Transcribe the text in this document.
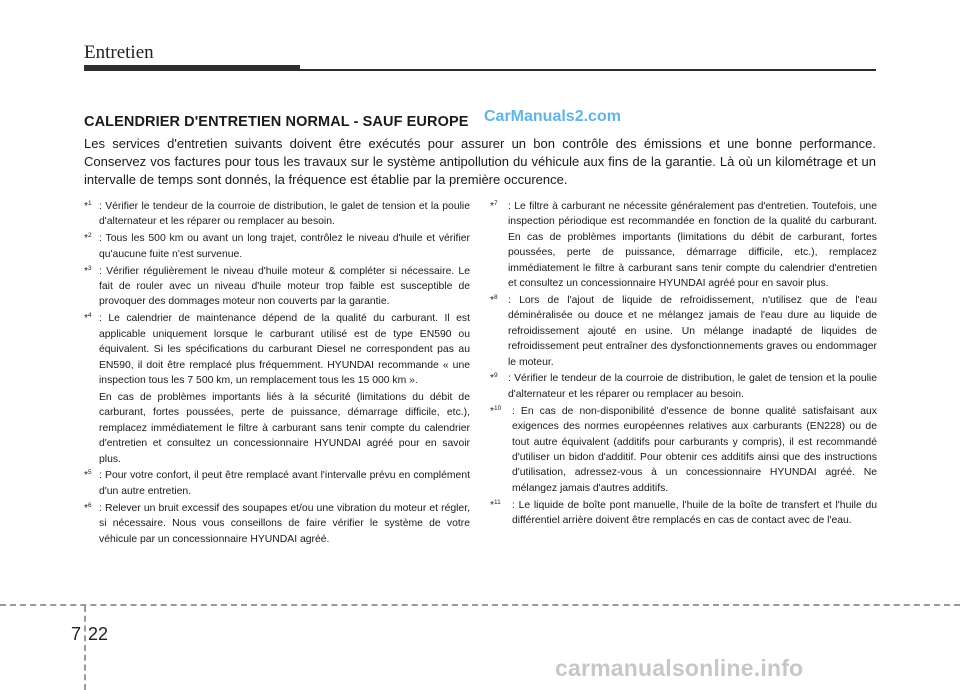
Entretien
CALENDRIER D'ENTRETIEN NORMAL - SAUF EUROPE CarManuals2.com

Les services d'entretien suivants doivent être exécutés pour assurer un bon contrôle des émissions et une bonne performance. Conservez vos factures pour tous les travaux sur le système antipollution du véhicule aux fins de la garantie. Là où un kilométrage et un intervalle de temps sont donnés, la fréquence est établie par la première occurence.

*$^1$ : Vérifier le tendeur de la courroie de distribution, le galet de tension et la poulie d'alternateur et les réparer ou remplacer au besoin.

*$^2$ : Tous les 500 km ou avant un long trajet, contrôlez le niveau d'huile et vérifier qu'aucune fuite n'est survenue.

*$^3$ : Vérifier régulièrement le niveau d'huile moteur & compléter si nécessaire. Le fait de rouler avec un niveau d'huile moteur trop faible est susceptible de provoquer des dommages moteur non couverts par la garantie.

*$^4$ : Le calendrier de maintenance dépend de la qualité du carburant. Il est applicable uniquement lorsque le carburant utilisé est de type EN590 ou équivalent. Si les spécifications du carburant Diesel ne correspondent pas au EN590, il doit être remplacé plus fréquemment. HYUNDAI recommande « une inspection tous les 7 500 km, un remplacement tous les 15 000 km ».

En cas de problèmes importants liés à la sécurité (limitations du débit de carburant, fortes poussées, perte de puissance, démarrage difficile, etc.), remplacez immédiatement le filtre à carburant sans tenir compte du calendrier d'entretien et consultez un concessionnaire HYUNDAI agréé pour en savoir plus.

*$^5$ : Pour votre confort, il peut être remplacé avant l'intervalle prévu en complément d'un autre entretien.

*$^6$ : Relever un bruit excessif des soupapes et/ou une vibration du moteur et régler, si nécessaire. Nous vous conseillons de faire vérifier le système de votre véhicule par un concessionnaire HYUNDAI agréé.

*$^7$ : Le filtre à carburant ne nécessite généralement pas d'entretien. Toutefois, une inspection périodique est recommandée en fonction de la qualité du carburant. En cas de problèmes importants (limitations du débit de carburant, fortes poussées, perte de puissance, démarrage difficile, etc.), remplacez immédiatement le filtre à carburant sans tenir compte du calendrier d'entretien et consultez un concessionnaire HYUNDAI agréé pour en savoir plus.

*$^8$ : Lors de l'ajout de liquide de refroidissement, n'utilisez que de l'eau déminéralisée ou douce et ne mélangez jamais de l'eau dure au liquide de refroidissement ajouté en usine. Un mélange inadapté de liquides de refroidissement peut entraîner des dysfonctionnements graves ou endommager le moteur.

*$^9$ : Vérifier le tendeur de la courroie de distribution, le galet de tension et la poulie d'alternateur et les réparer ou remplacer au besoin.

*$^{10}$ : En cas de non-disponibilité d'essence de bonne qualité satisfaisant aux exigences des normes européennes relatives aux carburants (EN228) ou de tout autre équivalent (additifs pour carburants y compris), il est recommandé d'utiliser un bidon d'additif. Pour obtenir ces additifs ainsi que des instructions d'utilisation, adressez-vous à un concessionnaire HYUNDAI agréé. Ne mélangez jamais d'autres additifs.

*$^{11}$ : Le liquide de boîte pont manuelle, l'huile de la boîte de transfert et l'huile du différentiel arrière doivent être remplacés en cas de contact avec de l'eau.

7 22
carmanualsonline.info
